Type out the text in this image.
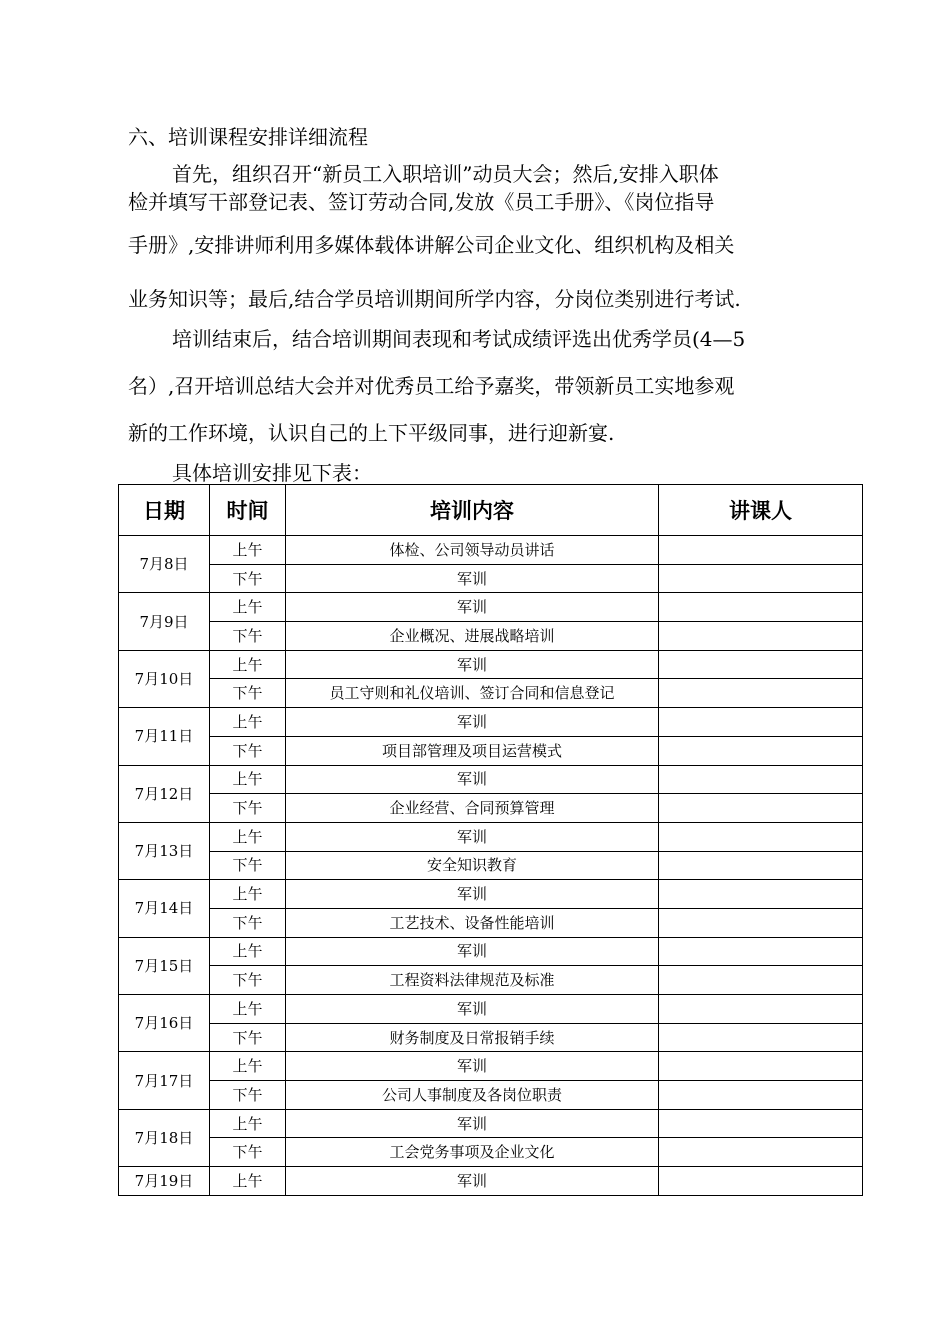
六、培训课程安排详细流程
首先，组织召开“新员工入职培训”动员大会；然后,安排入职体
检并填写干部登记表、签订劳动合同,发放《员工手册》、《岗位指导
手册》,安排讲师利用多媒体载体讲解公司企业文化、组织机构及相关
业务知识等；最后,结合学员培训期间所学内容，分岗位类别进行考试.
培训结束后，结合培训期间表现和考试成绩评选出优秀学员(4—5
名）,召开培训总结大会并对优秀员工给予嘉奖，带领新员工实地参观
新的工作环境，认识自己的上下平级同事，进行迎新宴.
具体培训安排见下表：
日期	时间	培训内容	讲课人
7月8日	上午	体检、公司领导动员讲话	
	下午	军训	
7月9日	上午	军训	
	下午	企业概况、进展战略培训	
7月10日	上午	军训	
	下午	员工守则和礼仪培训、签订合同和信息登记	
7月11日	上午	军训	
	下午	项目部管理及项目运营模式	
7月12日	上午	军训	
	下午	企业经营、合同预算管理	
7月13日	上午	军训	
	下午	安全知识教育	
7月14日	上午	军训	
	下午	工艺技术、设备性能培训	
7月15日	上午	军训	
	下午	工程资料法律规范及标准	
7月16日	上午	军训	
	下午	财务制度及日常报销手续	
7月17日	上午	军训	
	下午	公司人事制度及各岗位职责	
7月18日	上午	军训	
	下午	工会党务事项及企业文化	
7月19日	上午	军训	
